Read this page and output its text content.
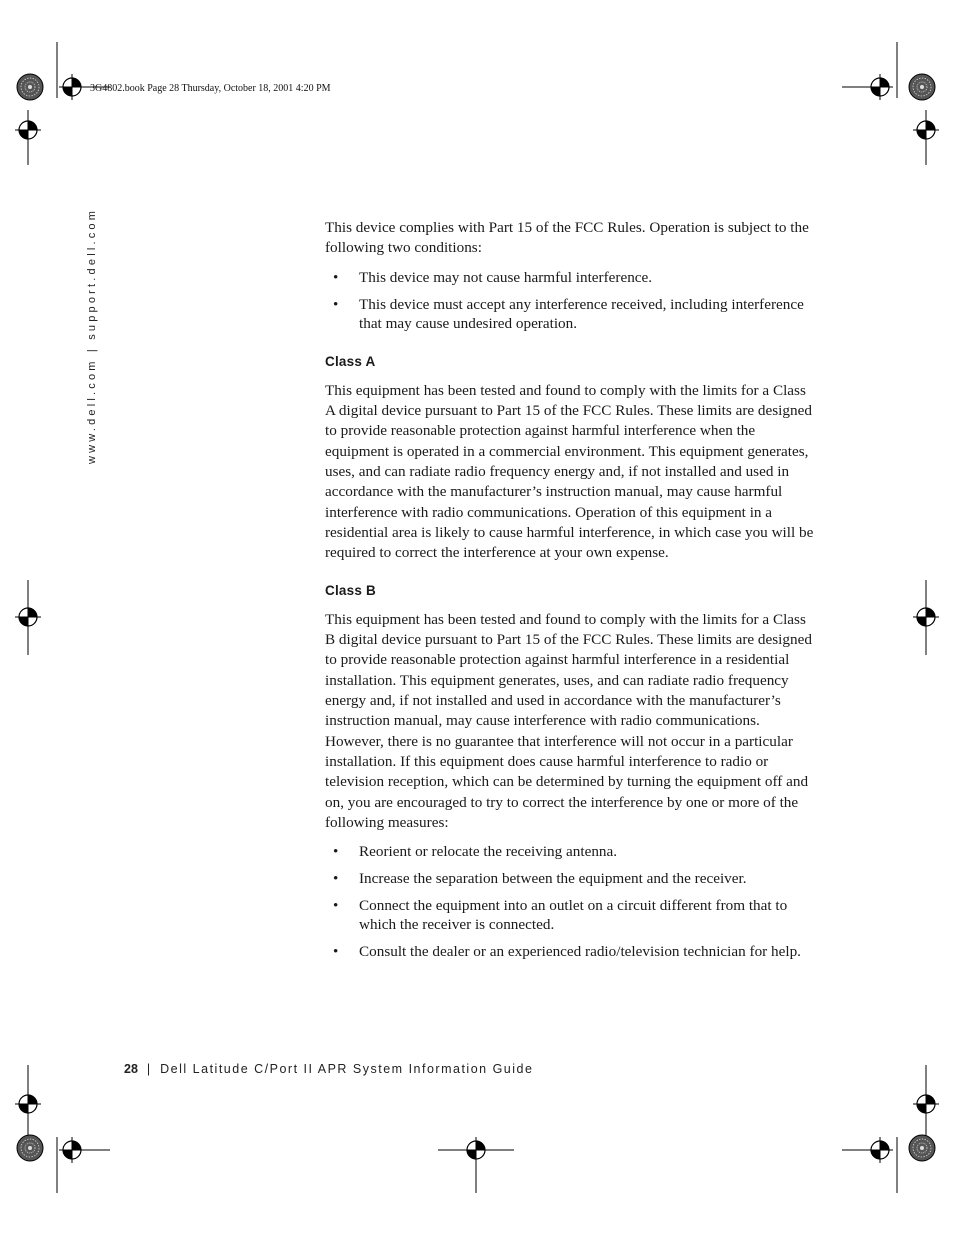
3G4802.book Page 28 Thursday, October 18, 2001 4:20 PM
www.dell.com | support.dell.com	This device complies with Part 15 of the FCC Rules. Operation is subject to the following two conditions:

• This device may not cause harmful interference.
• This device must accept any interference received, including interference that may cause undesired operation.
Class A

This equipment has been tested and found to comply with the limits for a Class A digital device pursuant to Part 15 of the FCC Rules. These limits are designed to provide reasonable protection against harmful interference when the equipment is operated in a commercial environment. This equipment generates, uses, and can radiate radio frequency energy and, if not installed and used in accordance with the manufacturer’s instruction manual, may cause harmful interference with radio communications. Operation of this equipment in a residential area is likely to cause harmful interference, in which case you will be required to correct the interference at your own expense.

Class B

This equipment has been tested and found to comply with the limits for a Class B digital device pursuant to Part 15 of the FCC Rules. These limits are designed to provide reasonable protection against harmful interference in a residential installation. This equipment generates, uses, and can radiate radio frequency energy and, if not installed and used in accordance with the manufacturer’s instruction manual, may cause interference with radio communications. However, there is no guarantee that interference will not occur in a particular installation. If this equipment does cause harmful interference to radio or television reception, which can be determined by turning the equipment off and on, you are encouraged to try to correct the interference by one or more of the following measures:

• Reorient or relocate the receiving antenna.
• Increase the separation between the equipment and the receiver.
• Connect the equipment into an outlet on a circuit different from that to which the receiver is connected.
• Consult the dealer or an experienced radio/television technician for help.
28 | Dell Latitude C/Port II APR System Information Guide
